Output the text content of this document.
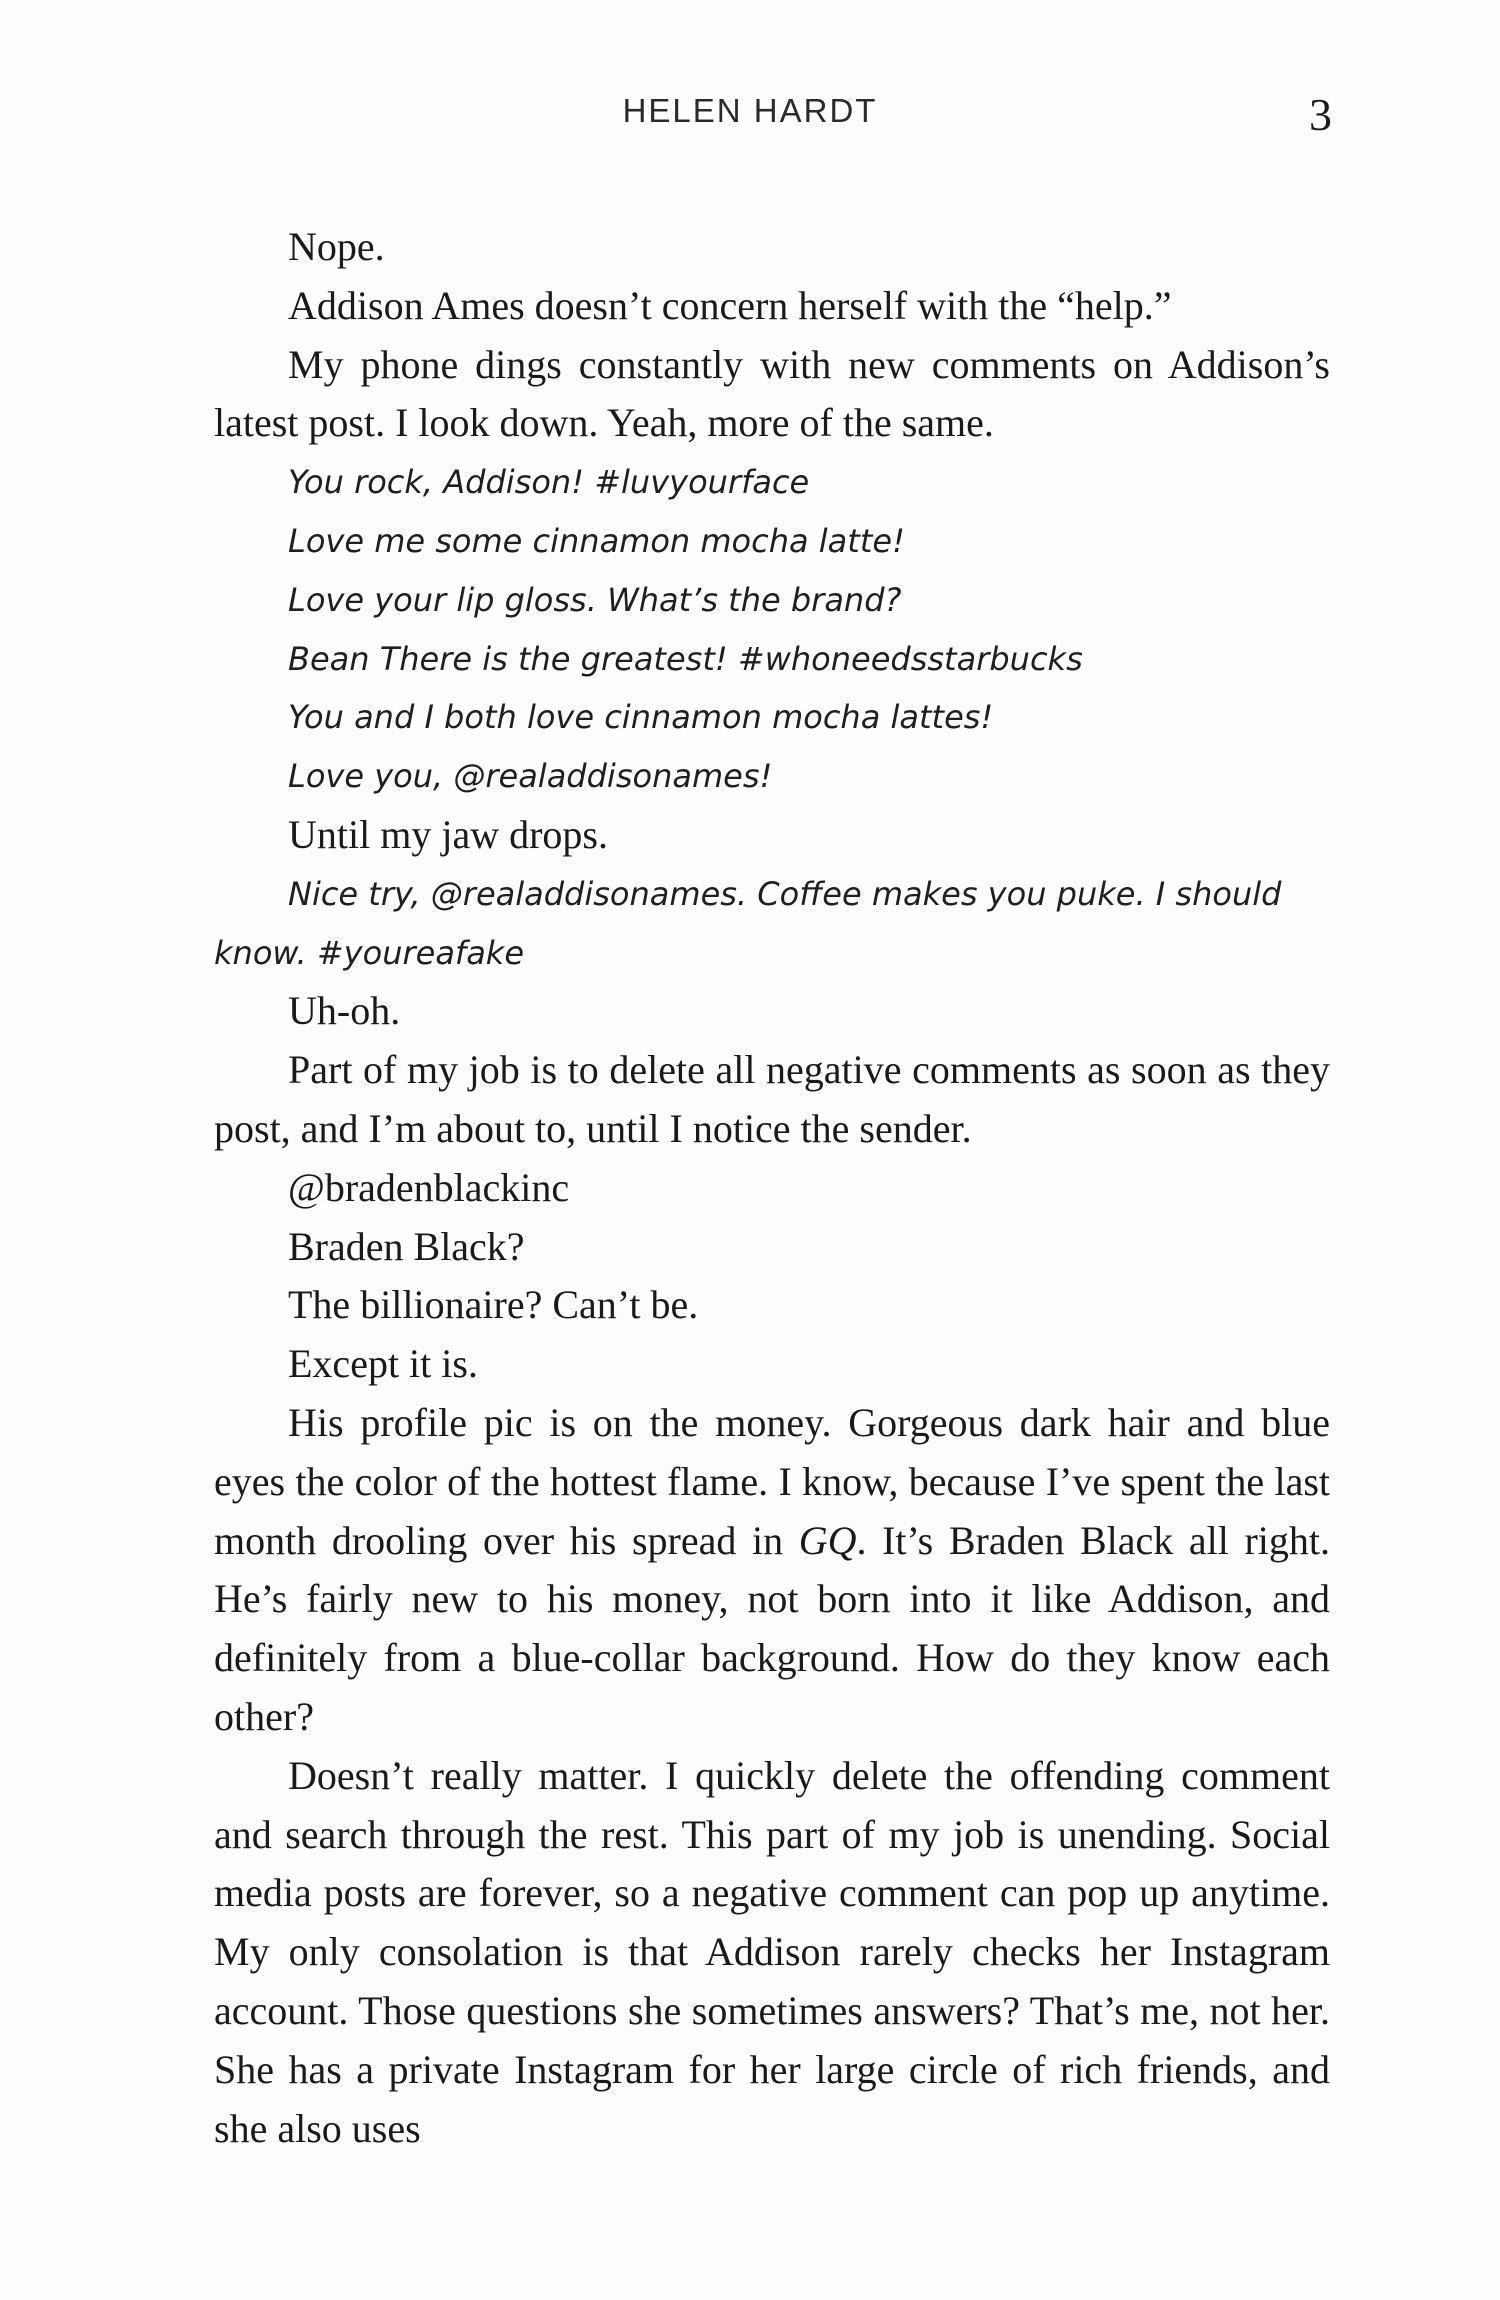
HELEN HARDT	3

Nope.

Addison Ames doesn’t concern herself with the “help.”

My phone dings constantly with new comments on Addison’s latest post. I look down. Yeah, more of the same.

You rock, Addison! #luvyourface

Love me some cinnamon mocha latte!

Love your lip gloss. What’s the brand?

Bean There is the greatest! #whoneedsstarbucks

You and I both love cinnamon mocha lattes!

Love you, @realaddisonames!

Until my jaw drops.

Nice try, @realaddisonames. Coffee makes you puke. I should know. #youreafake

Uh-oh.

Part of my job is to delete all negative comments as soon as they post, and I’m about to, until I notice the sender.

@bradenblackinc

Braden Black?

The billionaire? Can’t be.

Except it is.

His profile pic is on the money. Gorgeous dark hair and blue eyes the color of the hottest flame. I know, because I’ve spent the last month drooling over his spread in GQ. It’s Braden Black all right. He’s fairly new to his money, not born into it like Addison, and definitely from a blue-collar background. How do they know each other?

Doesn’t really matter. I quickly delete the offending comment and search through the rest. This part of my job is unending. Social media posts are forever, so a negative comment can pop up anytime. My only consolation is that Addison rarely checks her Instagram account. Those questions she sometimes answers? That’s me, not her. She has a private Instagram for her large circle of rich friends, and she also uses
